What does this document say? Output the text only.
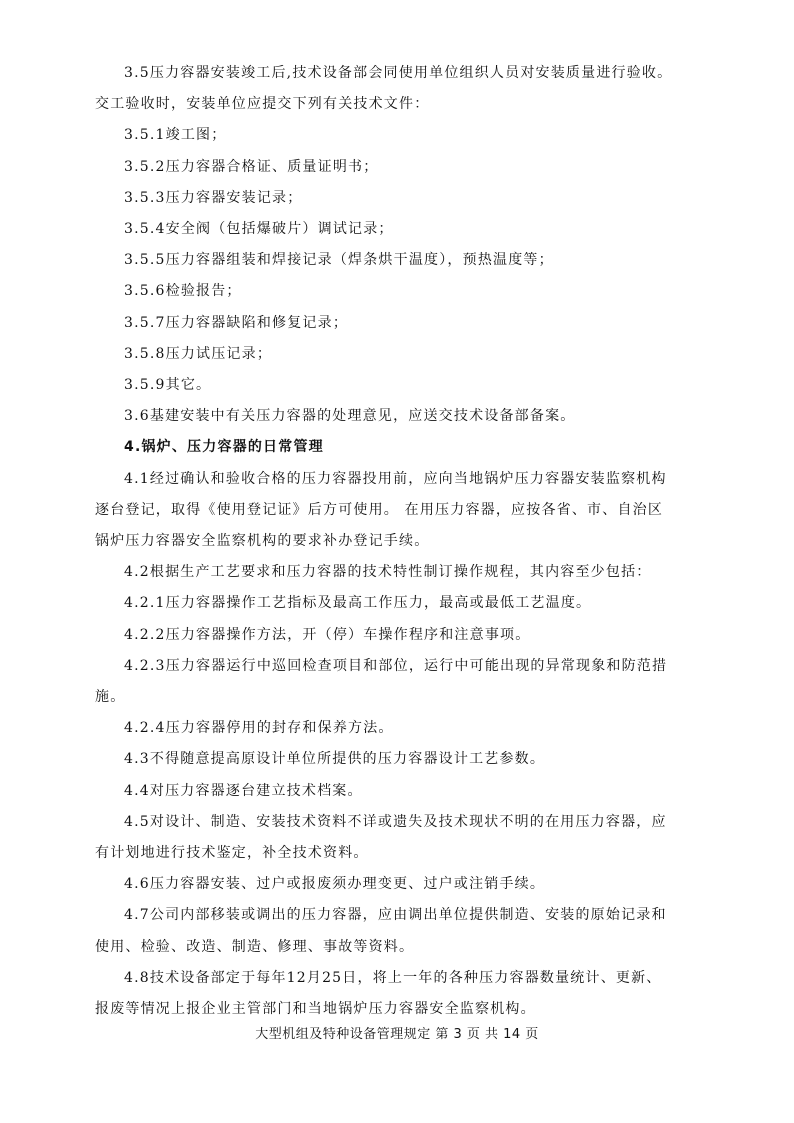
3.5压力容器安装竣工后,技术设备部会同使用单位组织人员对安装质量进行验收。

交工验收时，安装单位应提交下列有关技术文件：

3.5.1竣工图；

3.5.2压力容器合格证、质量证明书；

3.5.3压力容器安装记录；

3.5.4安全阀（包括爆破片）调试记录；

3.5.5压力容器组装和焊接记录（焊条烘干温度），预热温度等；

3.5.6检验报告；

3.5.7压力容器缺陷和修复记录；

3.5.8压力试压记录；

3.5.9其它。

3.6基建安装中有关压力容器的处理意见，应送交技术设备部备案。

4.锅炉、压力容器的日常管理

4.1经过确认和验收合格的压力容器投用前，应向当地锅炉压力容器安装监察机构

逐台登记，取得《使用登记证》后方可使用。 在用压力容器，应按各省、市、自治区

锅炉压力容器安全监察机构的要求补办登记手续。

4.2根据生产工艺要求和压力容器的技术特性制订操作规程，其内容至少包括：

4.2.1压力容器操作工艺指标及最高工作压力，最高或最低工艺温度。

4.2.2压力容器操作方法，开（停）车操作程序和注意事项。

4.2.3压力容器运行中巡回检查项目和部位，运行中可能出现的异常现象和防范措

施。

4.2.4压力容器停用的封存和保养方法。

4.3不得随意提高原设计单位所提供的压力容器设计工艺参数。

4.4对压力容器逐台建立技术档案。

4.5对设计、制造、安装技术资料不详或遗失及技术现状不明的在用压力容器，应

有计划地进行技术鉴定，补全技术资料。

4.6压力容器安装、过户或报废须办理变更、过户或注销手续。

4.7公司内部移装或调出的压力容器，应由调出单位提供制造、安装的原始记录和

使用、检验、改造、制造、修理、事故等资料。

4.8技术设备部定于每年12月25日，将上一年的各种压力容器数量统计、更新、

报废等情况上报企业主管部门和当地锅炉压力容器安全监察机构。

大型机组及特种设备管理规定 第 3 页 共 14 页
